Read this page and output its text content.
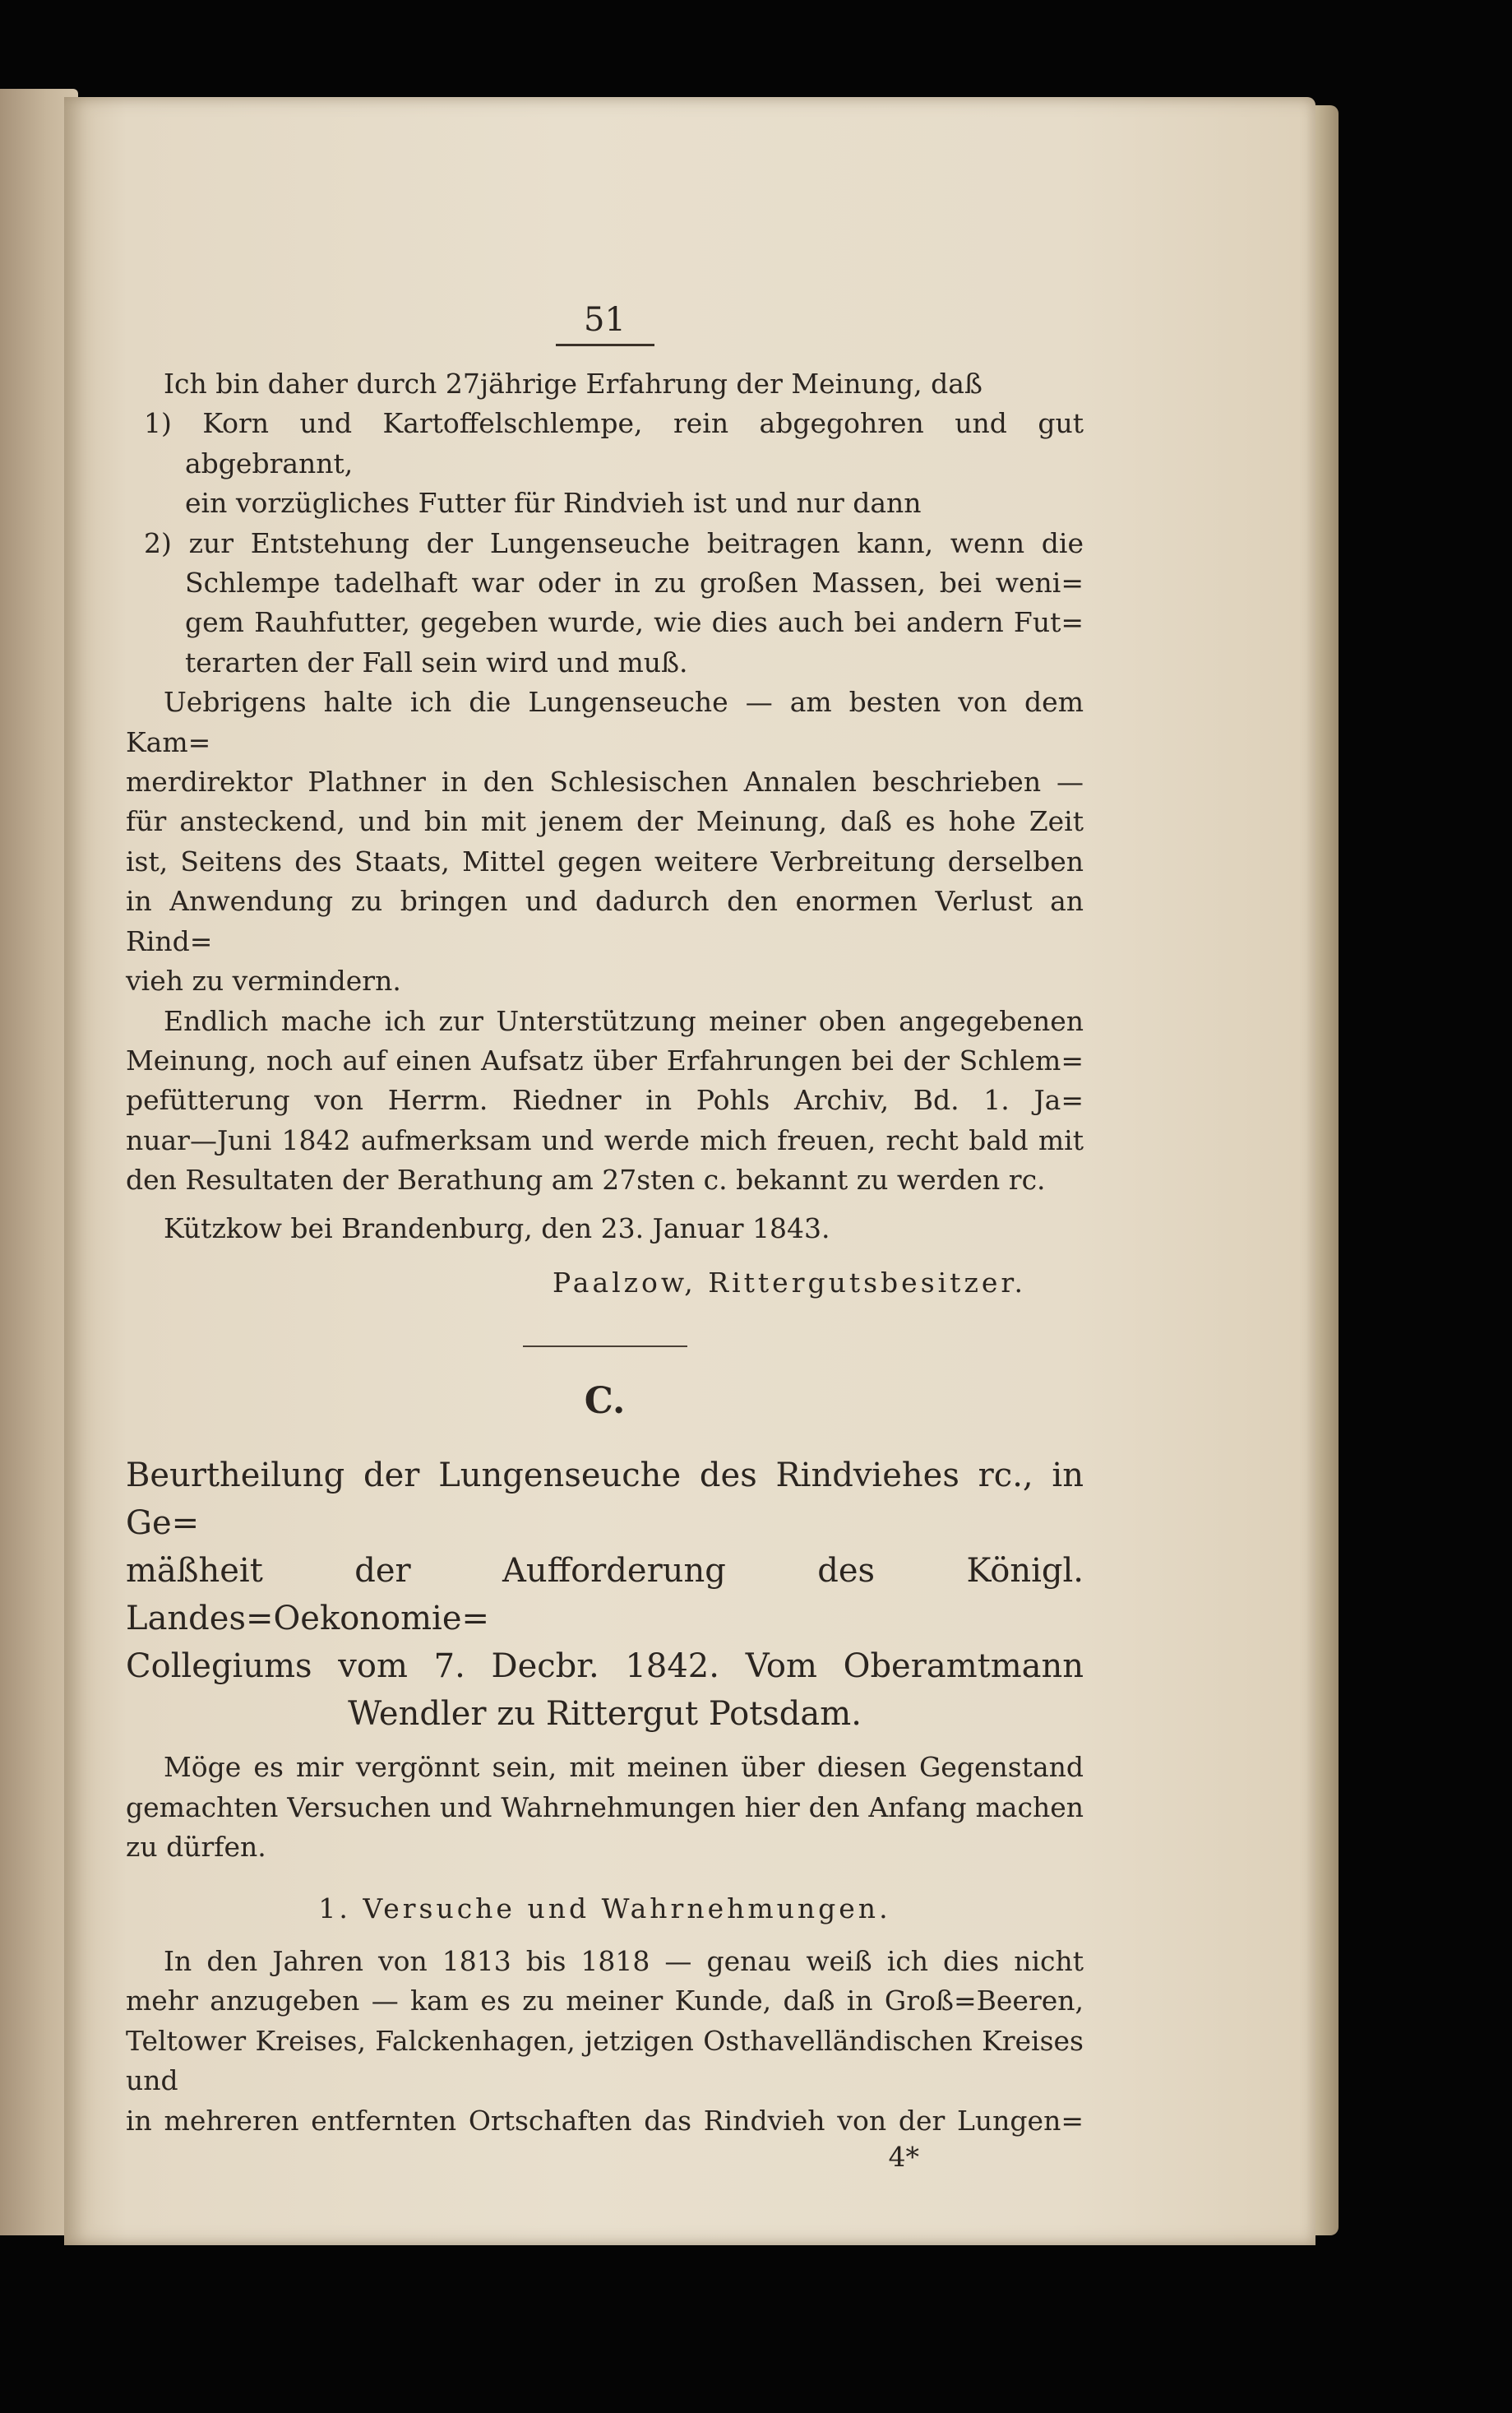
51

Ich bin daher durch 27jährige Erfahrung der Meinung, daß

1) Korn und Kartoffelschlempe, rein abgegohren und gut abgebrannt,

ein vorzügliches Futter für Rindvieh ist und nur dann

2) zur Entstehung der Lungenseuche beitragen kann, wenn die

Schlempe tadelhaft war oder in zu großen Massen, bei weni=

gem Rauhfutter, gegeben wurde, wie dies auch bei andern Fut=

terarten der Fall sein wird und muß.

Uebrigens halte ich die Lungenseuche — am besten von dem Kam=

merdirektor Plathner in den Schlesischen Annalen beschrieben —

für ansteckend, und bin mit jenem der Meinung, daß es hohe Zeit

ist, Seitens des Staats, Mittel gegen weitere Verbreitung derselben

in Anwendung zu bringen und dadurch den enormen Verlust an Rind=

vieh zu vermindern.

Endlich mache ich zur Unterstützung meiner oben angegebenen

Meinung, noch auf einen Aufsatz über Erfahrungen bei der Schlem=

pefütterung von Herrm. Riedner in Pohls Archiv, Bd. 1. Ja=

nuar—Juni 1842 aufmerksam und werde mich freuen, recht bald mit

den Resultaten der Berathung am 27sten c. bekannt zu werden rc.

Kützkow bei Brandenburg, den 23. Januar 1843.

Paalzow, Rittergutsbesitzer.

C.

Beurtheilung der Lungenseuche des Rindviehes rc., in Ge=

mäßheit der Aufforderung des Königl. Landes=Oekonomie=

Collegiums vom 7. Decbr. 1842. Vom Oberamtmann

Wendler zu Rittergut Potsdam.

Möge es mir vergönnt sein, mit meinen über diesen Gegenstand

gemachten Versuchen und Wahrnehmungen hier den Anfang machen

zu dürfen.

1. Versuche und Wahrnehmungen.

In den Jahren von 1813 bis 1818 — genau weiß ich dies nicht

mehr anzugeben — kam es zu meiner Kunde, daß in Groß=Beeren,

Teltower Kreises, Falckenhagen, jetzigen Osthavelländischen Kreises und

in mehreren entfernten Ortschaften das Rindvieh von der Lungen=

4*
